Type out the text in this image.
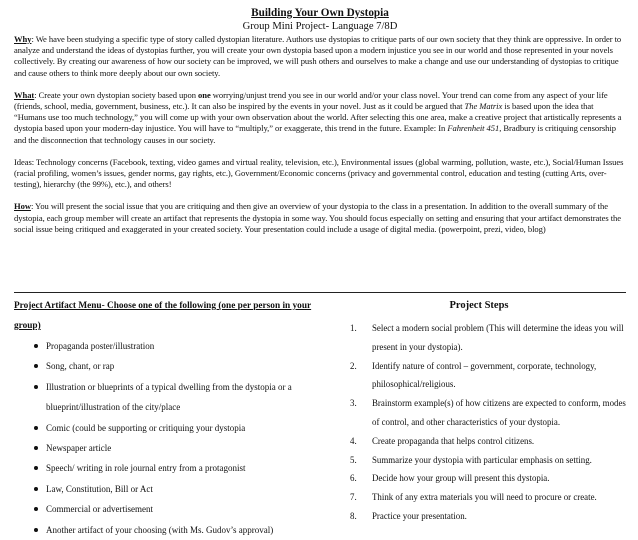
Building Your Own Dystopia
Group Mini Project- Language 7/8D

Why: We have been studying a specific type of story called dystopian literature. Authors use dystopias to critique parts of our own society that they think are oppressive. In order to analyze and understand the ideas of dystopias further, you will create your own dystopia based upon a modern injustice you see in our world and those represented in your novels collectively. By creating our awareness of how our society can be improved, we will push others and ourselves to make a change and use our understanding of dystopias to critique and cause others to think more deeply about our own society.

What: Create your own dystopian society based upon one worrying/unjust trend you see in our world and/or your class novel. Your trend can come from any aspect of your life (friends, school, media, government, business, etc.). It can also be inspired by the events in your novel. Just as it could be argued that The Matrix is based upon the idea that “Humans use too much technology,” you will come up with your own observation about the world. After selecting this one area, make a creative project that artistically represents a dystopia based upon your modern-day injustice. You will have to “multiply,” or exaggerate, this trend in the future. Example: In Fahrenheit 451, Bradbury is critiquing censorship and the disconnection that technology causes in our society.

Ideas: Technology concerns (Facebook, texting, video games and virtual reality, television, etc.), Environmental issues (global warming, pollution, waste, etc.), Social/Human Issues (racial profiling, women’s issues, gender norms, gay rights, etc.), Government/Economic concerns (privacy and governmental control, education and testing (cutting Arts, over-testing), hierarchy (the 99%), etc.), and others!

How: You will present the social issue that you are critiquing and then give an overview of your dystopia to the class in a presentation. In addition to the overall summary of the dystopia, each group member will create an artifact that represents the dystopia in some way. You should focus especially on setting and ensuring that your artifact demonstrates the social issue being critiqued and exaggerated in your created society. Your presentation could include a usage of digital media. (powerpoint, prezi, video, blog)

Project Artifact Menu- Choose one of the following (one per person in your group)
Propaganda poster/illustration
Song, chant, or rap
Illustration or blueprints of a typical dwelling from the dystopia or a blueprint/illustration of the city/place
Comic (could be supporting or critiquing your dystopia
Newspaper article
Speech/ writing in role journal entry from a protagonist
Law, Constitution, Bill or Act
Commercial or advertisement
Another artifact of your choosing (with Ms. Gudov’s approval)
Project Steps
1. Select a modern social problem (This will determine the ideas you will present in your dystopia).
2. Identify nature of control – government, corporate, technology, philosophical/religious.
3. Brainstorm example(s) of how citizens are expected to conform, modes of control, and other characteristics of your dystopia.
4. Create propaganda that helps control citizens.
5. Summarize your dystopia with particular emphasis on setting.
6. Decide how your group will present this dystopia.
7. Think of any extra materials you will need to procure or create.
8. Practice your presentation.
